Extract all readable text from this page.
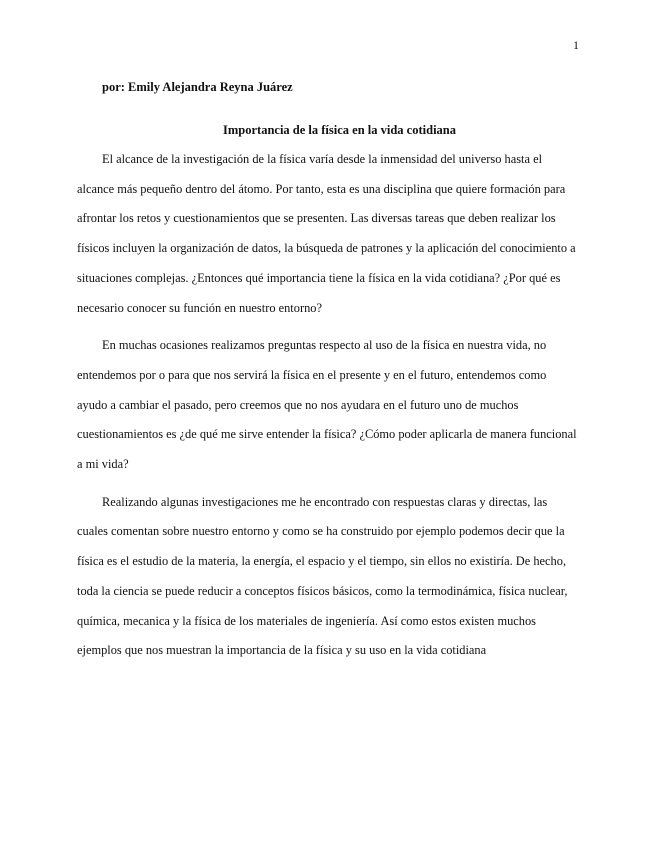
1
por: Emily Alejandra Reyna Juárez
Importancia de la física en la vida cotidiana

El alcance de la investigación de la física varía desde la inmensidad del universo hasta el alcance más pequeño dentro del átomo. Por tanto, esta es una disciplina que quiere formación para afrontar los retos y cuestionamientos que se presenten. Las diversas tareas que deben realizar los físicos incluyen la organización de datos, la búsqueda de patrones y la aplicación del conocimiento a situaciones complejas. ¿Entonces qué importancia tiene la física en la vida cotidiana? ¿Por qué es necesario conocer su función en nuestro entorno?

En muchas ocasiones realizamos preguntas respecto al uso de la física en nuestra vida, no entendemos por o para que nos servirá la física en el presente y en el futuro, entendemos como ayudo a cambiar el pasado, pero creemos que no nos ayudara en el futuro uno de muchos cuestionamientos es ¿de qué me sirve entender la física? ¿Cómo poder aplicarla de manera funcional a mi vida?

Realizando algunas investigaciones me he encontrado con respuestas claras y directas, las cuales comentan sobre nuestro entorno y como se ha construido por ejemplo podemos decir que la física es el estudio de la materia, la energía, el espacio y el tiempo, sin ellos no existiría. De hecho, toda la ciencia se puede reducir a conceptos físicos básicos, como la termodinámica, física nuclear, química, mecanica y la física de los materiales de ingeniería. Así como estos existen muchos ejemplos que nos muestran la importancia de la física y su uso en la vida cotidiana
